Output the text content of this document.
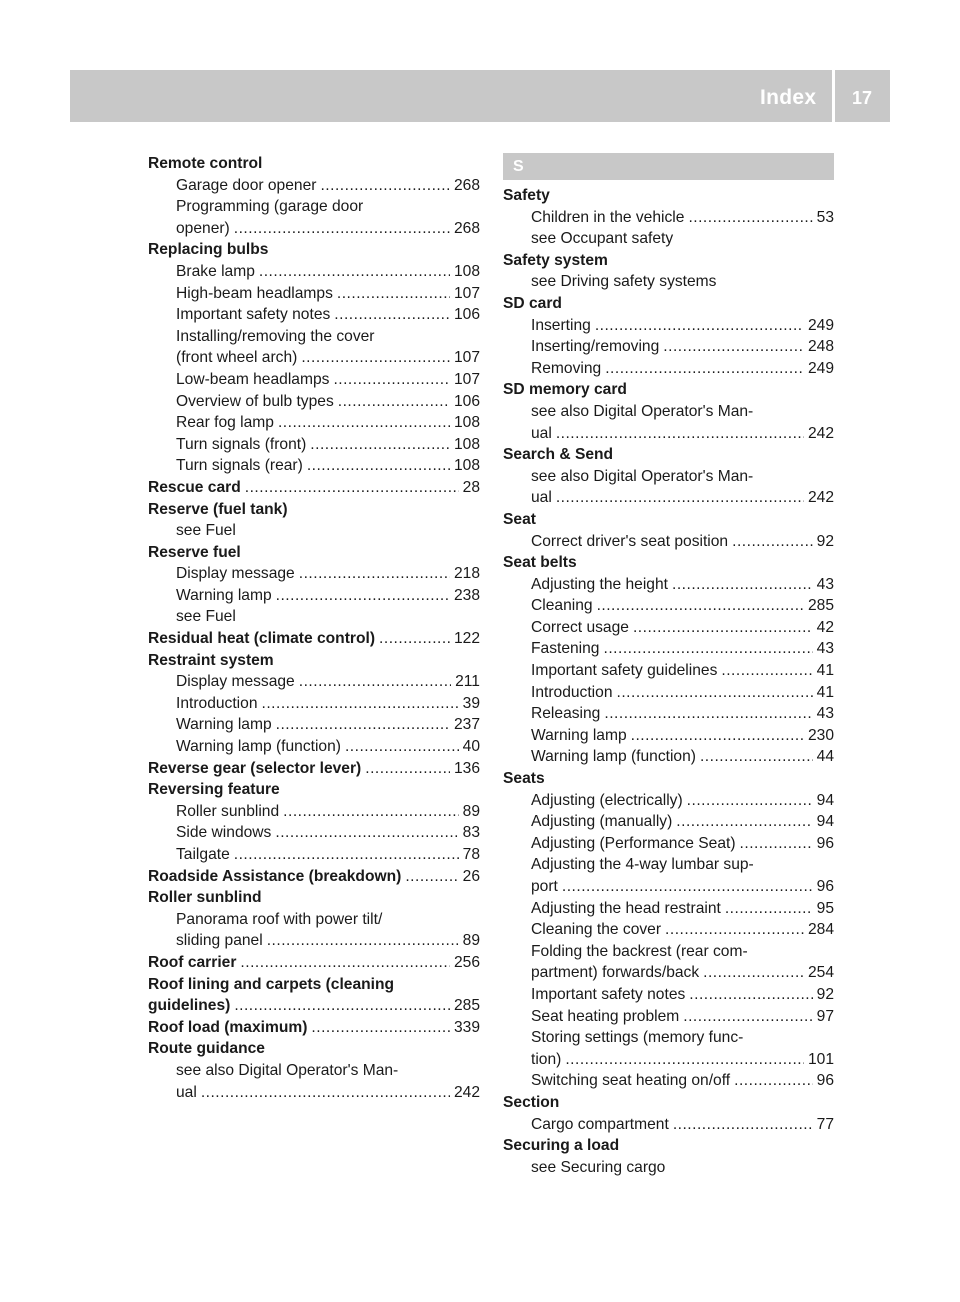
Index 17
Remote control
Garage door opener .....	268
Programming (garage door
opener) .....	268
Replacing bulbs
Brake lamp .....	108
High-beam headlamps .....	107
Important safety notes .....	106
Installing/removing the cover
(front wheel arch) .....	107
Low-beam headlamps .....	107
Overview of bulb types .....	106
Rear fog lamp .....	108
Turn signals (front) .....	108
Turn signals (rear) .....	108
Rescue card .....	28
Reserve (fuel tank)
see Fuel
Reserve fuel
Display message .....	218
Warning lamp .....	238
see Fuel
Residual heat (climate control) .....	122
Restraint system
Display message .....	211
Introduction .....	39
Warning lamp .....	237
Warning lamp (function) .....	40
Reverse gear (selector lever) .....	136
Reversing feature
Roller sunblind .....	89
Side windows .....	83
Tailgate .....	78
Roadside Assistance (breakdown) .....	26
Roller sunblind
Panorama roof with power tilt/
sliding panel .....	89
Roof carrier .....	256
Roof lining and carpets (cleaning
guidelines) .....	285
Roof load (maximum) .....	339
Route guidance
see also Digital Operator's Man-
ual .....	242
S
Safety
Children in the vehicle .....	53
see Occupant safety
Safety system
see Driving safety systems
SD card
Inserting .....	249
Inserting/removing .....	248
Removing .....	249
SD memory card
see also Digital Operator's Man-
ual .....	242
Search & Send
see also Digital Operator's Man-
ual .....	242
Seat
Correct driver's seat position .....	92
Seat belts
Adjusting the height .....	43
Cleaning .....	285
Correct usage .....	42
Fastening .....	43
Important safety guidelines .....	41
Introduction .....	41
Releasing .....	43
Warning lamp .....	230
Warning lamp (function) .....	44
Seats
Adjusting (electrically) .....	94
Adjusting (manually) .....	94
Adjusting (Performance Seat) .....	96
Adjusting the 4-way lumbar sup-
port .....	96
Adjusting the head restraint .....	95
Cleaning the cover .....	284
Folding the backrest (rear com-
partment) forwards/back .....	254
Important safety notes .....	92
Seat heating problem .....	97
Storing settings (memory func-
tion) .....	101
Switching seat heating on/off .....	96
Section
Cargo compartment .....	77
Securing a load
see Securing cargo
